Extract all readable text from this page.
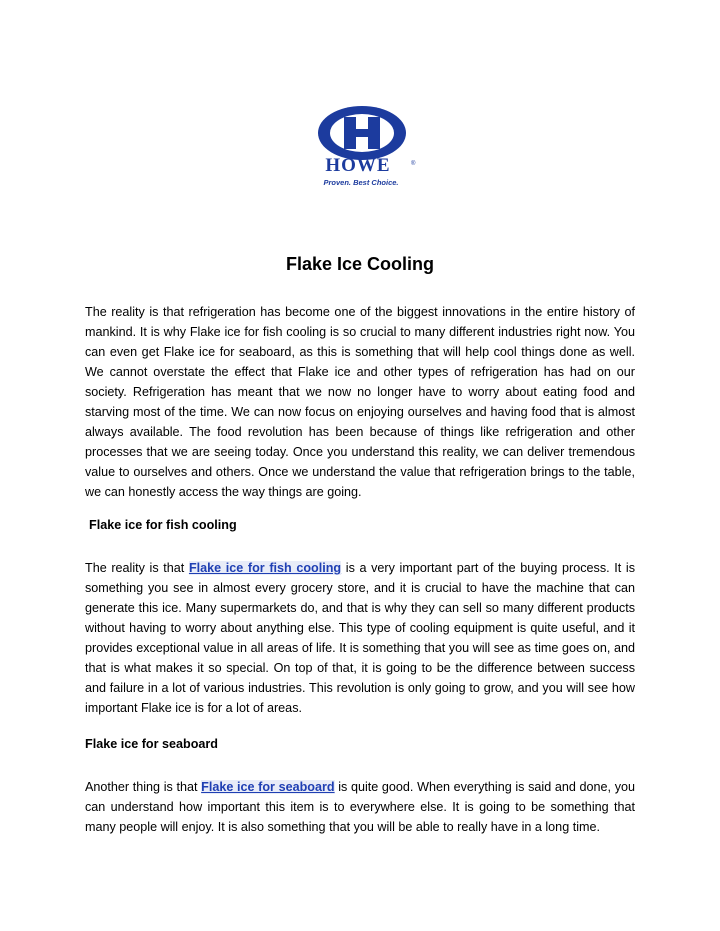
HOWE	®
Proven. Best Choice.
Flake Ice Cooling

The reality is that refrigeration has become one of the biggest innovations in the entire history of mankind. It is why Flake ice for fish cooling is so crucial to many different industries right now. You can even get Flake ice for seaboard, as this is something that will help cool things done as well. We cannot overstate the effect that Flake ice and other types of refrigeration has had on our society. Refrigeration has meant that we now no longer have to worry about eating food and starving most of the time. We can now focus on enjoying ourselves and having food that is almost always available. The food revolution has been because of things like refrigeration and other processes that we are seeing today. Once you understand this reality, we can deliver tremendous value to ourselves and others. Once we understand the value that refrigeration brings to the table, we can honestly access the way things are going.

Flake ice for fish cooling

The reality is that Flake ice for fish cooling is a very important part of the buying process. It is something you see in almost every grocery store, and it is crucial to have the machine that can generate this ice. Many supermarkets do, and that is why they can sell so many different products without having to worry about anything else. This type of cooling equipment is quite useful, and it provides exceptional value in all areas of life. It is something that you will see as time goes on, and that is what makes it so special. On top of that, it is going to be the difference between success and failure in a lot of various industries. This revolution is only going to grow, and you will see how important Flake ice is for a lot of areas.

Flake ice for seaboard

Another thing is that Flake ice for seaboard is quite good. When everything is said and done, you can understand how important this item is to everywhere else. It is going to be something that many people will enjoy. It is also something that you will be able to really have in a long time.
